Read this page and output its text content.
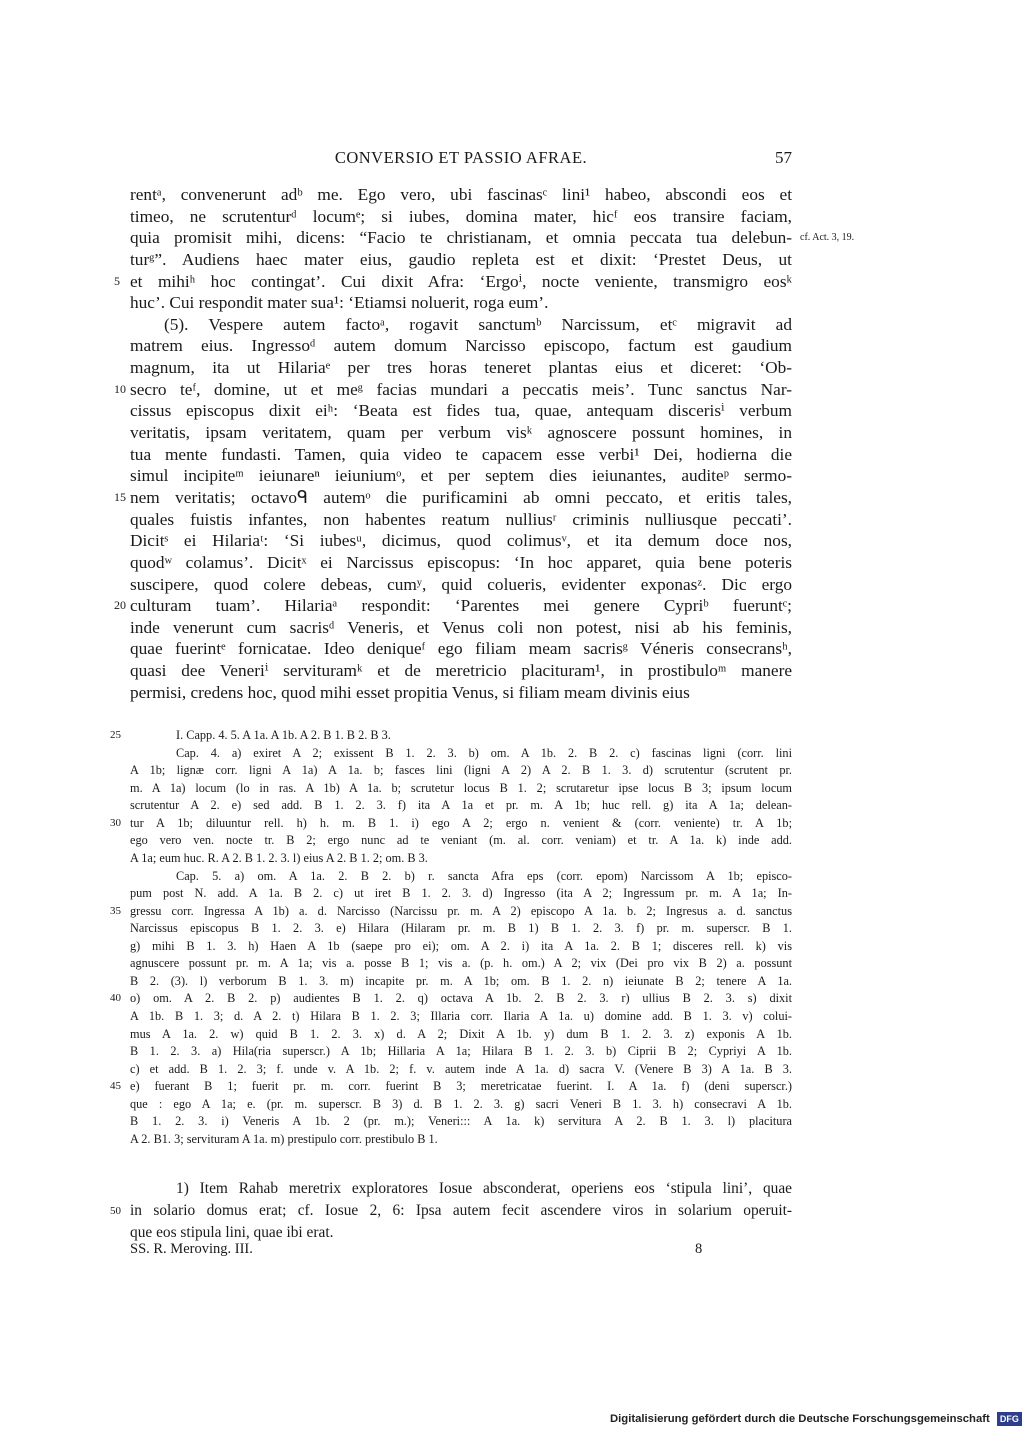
CONVERSIO ET PASSIO AFRAE.	57
rentᵃ, convenerunt adᵇ me. Ego vero, ubi fascinasᶜ lini¹ habeo, abscondi eos et
timeo, ne scrutenturᵈ locumᵉ; si iubes, domina mater, hicᶠ eos transire faciam,
quia promisit mihi, dicens: “Facio te christianam, et omnia peccata tua delebun- cf. Act. 3, 19.
turᵍ”. Audiens haec mater eius, gaudio repleta est et dixit: ‘Prestet Deus, ut
5 et mihiʰ hoc contingat’. Cui dixit Afra: ‘Ergoⁱ, nocte veniente, transmigro eosᵏ
huc’. Cui respondit mater sua¹: ‘Etiamsi noluerit, roga eum’.
(5). Vespere autem factoᵃ, rogavit sanctumᵇ Narcissum, etᶜ migravit ad
matrem eius. Ingressoᵈ autem domum Narcisso episcopo, factum est gaudium
magnum, ita ut Hilariaᵉ per tres horas teneret plantas eius et diceret: ‘Ob-
10 secro teᶠ, domine, ut et meᵍ facias mundari a peccatis meis’. Tunc sanctus Nar-
cissus episcopus dixit eiʰ: ‘Beata est fides tua, quae, antequam discerisⁱ verbum
veritatis, ipsam veritatem, quam per verbum visᵏ agnoscere possunt homines, in
tua mente fundasti. Tamen, quia video te capacem esse verbi¹ Dei, hodierna die
simul incipiteᵐ ieiunareⁿ ieiuniumᵒ, et per septem dies ieiunantes, auditeᵖ sermo-
15 nem veritatis; octavoᑫ autemᵒ die purificamini ab omni peccato, et eritis tales,
quales fuistis infantes, non habentes reatum nulliusʳ criminis nulliusque peccati’.
Dicitˢ ei Hilariaᵗ: ‘Si iubesᵘ, dicimus, quod colimusᵛ, et ita demum doce nos,
quodʷ colamus’. Dicitˣ ei Narcissus episcopus: ‘In hoc apparet, quia bene poteris
suscipere, quod colere debeas, cumʸ, quid colueris, evidenter exponasᶻ. Dic ergo
20 culturam tuam’. Hilariaᵃ respondit: ‘Parentes mei genere Cypriᵇ fueruntᶜ;
inde venerunt cum sacrisᵈ Veneris, et Venus coli non potest, nisi ab his feminis,
quae fuerintᵉ fornicatae. Ideo deniqueᶠ ego filiam meam sacrisᵍ Véneris consecransʰ,
quasi dee Veneriⁱ servituramᵏ et de meretricio placituram¹, in prostibuloᵐ manere
permisi, credens hoc, quod mihi esset propitia Venus, si filiam meam divinis eius
25	I. Capp. 4. 5. A 1a. A 1b. A 2. B 1. B 2. B 3.
Cap. 4. a) exiret A 2; exissent B 1. 2. 3. b) om. A 1b. 2. B 2. c) fascinas ligni (corr. lini
A 1b; lignæ corr. ligni A 1a) A 1a. b; fasces lini (ligni A 2) A 2. B 1. 3. d) scrutentur (scrutent pr.
m. A 1a) locum (lo in ras. A 1b) A 1a. b; scrutetur locus B 1. 2; scrutaretur ipse locus B 3; ipsum locum
scrutentur A 2. e) sed add. B 1. 2. 3. f) ita A 1a et pr. m. A 1b; huc rell. g) ita A 1a; delean-
30 tur A 1b; diluuntur rell. h) h. m. B 1. i) ego A 2; ergo n. venient & (corr. veniente) tr. A 1b;
ego vero ven. nocte tr. B 2; ergo nunc ad te veniant (m. al. corr. veniam) et tr. A 1a. k) inde add.
A 1a; eum huc. R. A 2. B 1. 2. 3. l) eius A 2. B 1. 2; om. B 3.
Cap. 5. a) om. A 1a. 2. B 2. b) r. sancta Afra eps (corr. epom) Narcissom A 1b; episco-
pum post N. add. A 1a. B 2. c) ut iret B 1. 2. 3. d) Ingresso (ita A 2; Ingressum pr. m. A 1a; In-
35 gressu corr. Ingressa A 1b) a. d. Narcisso (Narcissu pr. m. A 2) episcopo A 1a. b. 2; Ingresus a. d. sanctus
Narcissus episcopus B 1. 2. 3. e) Hilara (Hilaram pr. m. B 1) B 1. 2. 3. f) pr. m. superscr. B 1.
g) mihi B 1. 3. h) Haen A 1b (saepe pro ei); om. A 2. i) ita A 1a. 2. B 1; disceres rell. k) vis
agnuscere possunt pr. m. A 1a; vis a. posse B 1; vis a. (p. h. om.) A 2; vix (Dei pro vix B 2) a. possunt
B 2. (3). l) verborum B 1. 3. m) incapite pr. m. A 1b; om. B 1. 2. n) ieiunate B 2; tenere A 1a.
40 o) om. A 2. B 2. p) audientes B 1. 2. q) octava A 1b. 2. B 2. 3. r) ullius B 2. 3. s) dixit
A 1b. B 1. 3; d. A 2. t) Hilara B 1. 2. 3; Illaria corr. Ilaria A 1a. u) domine add. B 1. 3. v) colui-
mus A 1a. 2. w) quid B 1. 2. 3. x) d. A 2; Dixit A 1b. y) dum B 1. 2. 3. z) exponis A 1b.
B 1. 2. 3. a) Hila(ria superscr.) A 1b; Hillaria A 1a; Hilara B 1. 2. 3. b) Ciprii B 2; Cypriyi A 1b.
c) et add. B 1. 2. 3; f. unde v. A 1b. 2; f. v. autem inde A 1a. d) sacra V. (Venere B 3) A 1a. B 3.
45 e) fuerant B 1; fuerit pr. m. corr. fuerint B 3; meretricatae fuerint. I. A 1a. f) (deni superscr.)
que : ego A 1a; e. (pr. m. superscr. B 3) d. B 1. 2. 3. g) sacri Veneri B 1. 3. h) consecravi A 1b.
B 1. 2. 3. i) Veneris A 1b. 2 (pr. m.); Veneri::: A 1a. k) servitura A 2. B 1. 3. l) placitura
A 2. B1. 3; servituram A 1a. m) prestipulo corr. prestibulo B 1.
1) Item Rahab meretrix exploratores Iosue absconderat, operiens eos ‘stipula lini’, quae
50 in solario domus erat; cf. Iosue 2, 6: Ipsa autem fecit ascendere viros in solarium operuit-
que eos stipula lini, quae ibi erat.
SS. R. Meroving. III.	8
Digitalisierung gefördert durch die Deutsche Forschungsgemeinschaft DFG
